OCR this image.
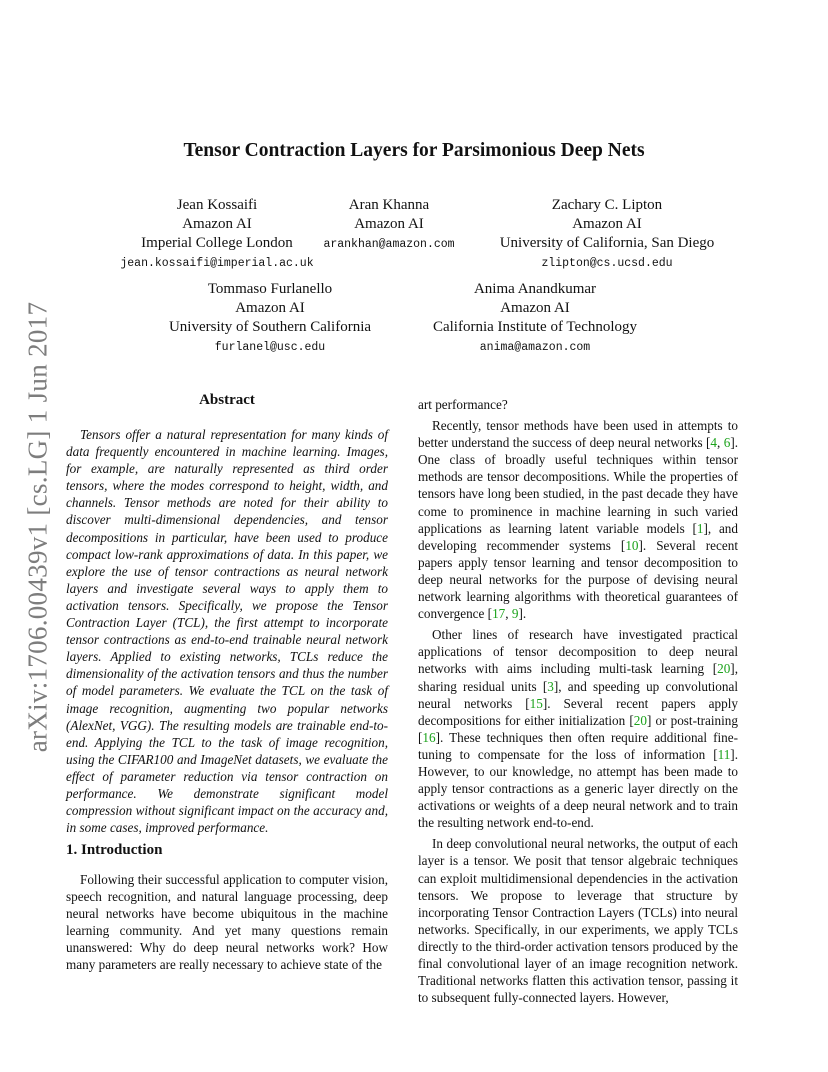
arXiv:1706.00439v1 [cs.LG] 1 Jun 2017
Tensor Contraction Layers for Parsimonious Deep Nets
Jean Kossaifi
Amazon AI
Imperial College London
jean.kossaifi@imperial.ac.uk
Aran Khanna
Amazon AI
arankhan@amazon.com
Zachary C. Lipton
Amazon AI
University of California, San Diego
zlipton@cs.ucsd.edu
Tommaso Furlanello
Amazon AI
University of Southern California
furlanel@usc.edu
Anima Anandkumar
Amazon AI
California Institute of Technology
anima@amazon.com
Abstract

Tensors offer a natural representation for many kinds of data frequently encountered in machine learning. Images, for example, are naturally represented as third order tensors, where the modes correspond to height, width, and channels. Tensor methods are noted for their ability to discover multi-dimensional dependencies, and tensor decompositions in particular, have been used to produce compact low-rank approximations of data. In this paper, we explore the use of tensor contractions as neural network layers and investigate several ways to apply them to activation tensors. Specifically, we propose the Tensor Contraction Layer (TCL), the first attempt to incorporate tensor contractions as end-to-end trainable neural network layers. Applied to existing networks, TCLs reduce the dimensionality of the activation tensors and thus the number of model parameters. We evaluate the TCL on the task of image recognition, augmenting two popular networks (AlexNet, VGG). The resulting models are trainable end-to-end. Applying the TCL to the task of image recognition, using the CIFAR100 and ImageNet datasets, we evaluate the effect of parameter reduction via tensor contraction on performance. We demonstrate significant model compression without significant impact on the accuracy and, in some cases, improved performance.

1. Introduction

Following their successful application to computer vision, speech recognition, and natural language processing, deep neural networks have become ubiquitous in the machine learning community. And yet many questions remain unanswered: Why do deep neural networks work? How many parameters are really necessary to achieve state of the

art performance?

Recently, tensor methods have been used in attempts to better understand the success of deep neural networks [4, 6]. One class of broadly useful techniques within tensor methods are tensor decompositions. While the properties of tensors have long been studied, in the past decade they have come to prominence in machine learning in such varied applications as learning latent variable models [1], and developing recommender systems [10]. Several recent papers apply tensor learning and tensor decomposition to deep neural networks for the purpose of devising neural network learning algorithms with theoretical guarantees of convergence [17, 9].

Other lines of research have investigated practical applications of tensor decomposition to deep neural networks with aims including multi-task learning [20], sharing residual units [3], and speeding up convolutional neural networks [15]. Several recent papers apply decompositions for either initialization [20] or post-training [16]. These techniques then often require additional fine-tuning to compensate for the loss of information [11]. However, to our knowledge, no attempt has been made to apply tensor contractions as a generic layer directly on the activations or weights of a deep neural network and to train the resulting network end-to-end.

In deep convolutional neural networks, the output of each layer is a tensor. We posit that tensor algebraic techniques can exploit multidimensional dependencies in the activation tensors. We propose to leverage that structure by incorporating Tensor Contraction Layers (TCLs) into neural networks. Specifically, in our experiments, we apply TCLs directly to the third-order activation tensors produced by the final convolutional layer of an image recognition network. Traditional networks flatten this activation tensor, passing it to subsequent fully-connected layers. However,
